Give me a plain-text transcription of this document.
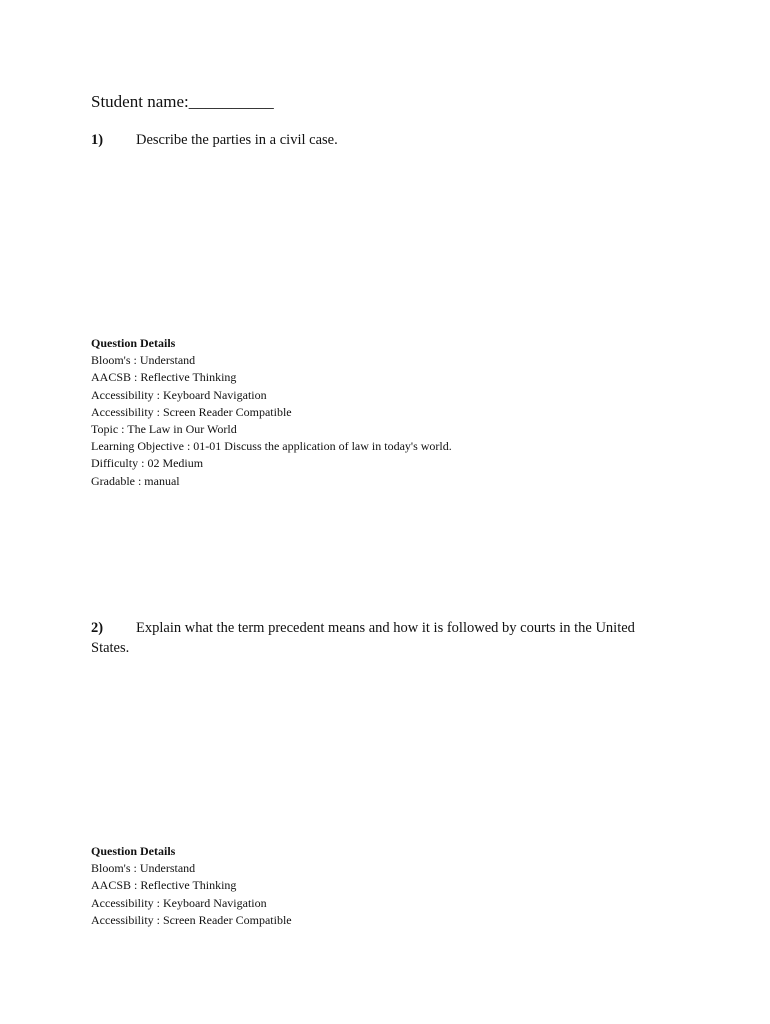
Student name:__________
1) Describe the parties in a civil case.
Question Details
Bloom's : Understand
AACSB : Reflective Thinking
Accessibility : Keyboard Navigation
Accessibility : Screen Reader Compatible
Topic : The Law in Our World
Learning Objective : 01-01 Discuss the application of law in today's world.
Difficulty : 02 Medium
Gradable : manual
2) Explain what the term precedent means and how it is followed by courts in the United States.
Question Details
Bloom's : Understand
AACSB : Reflective Thinking
Accessibility : Keyboard Navigation
Accessibility : Screen Reader Compatible
